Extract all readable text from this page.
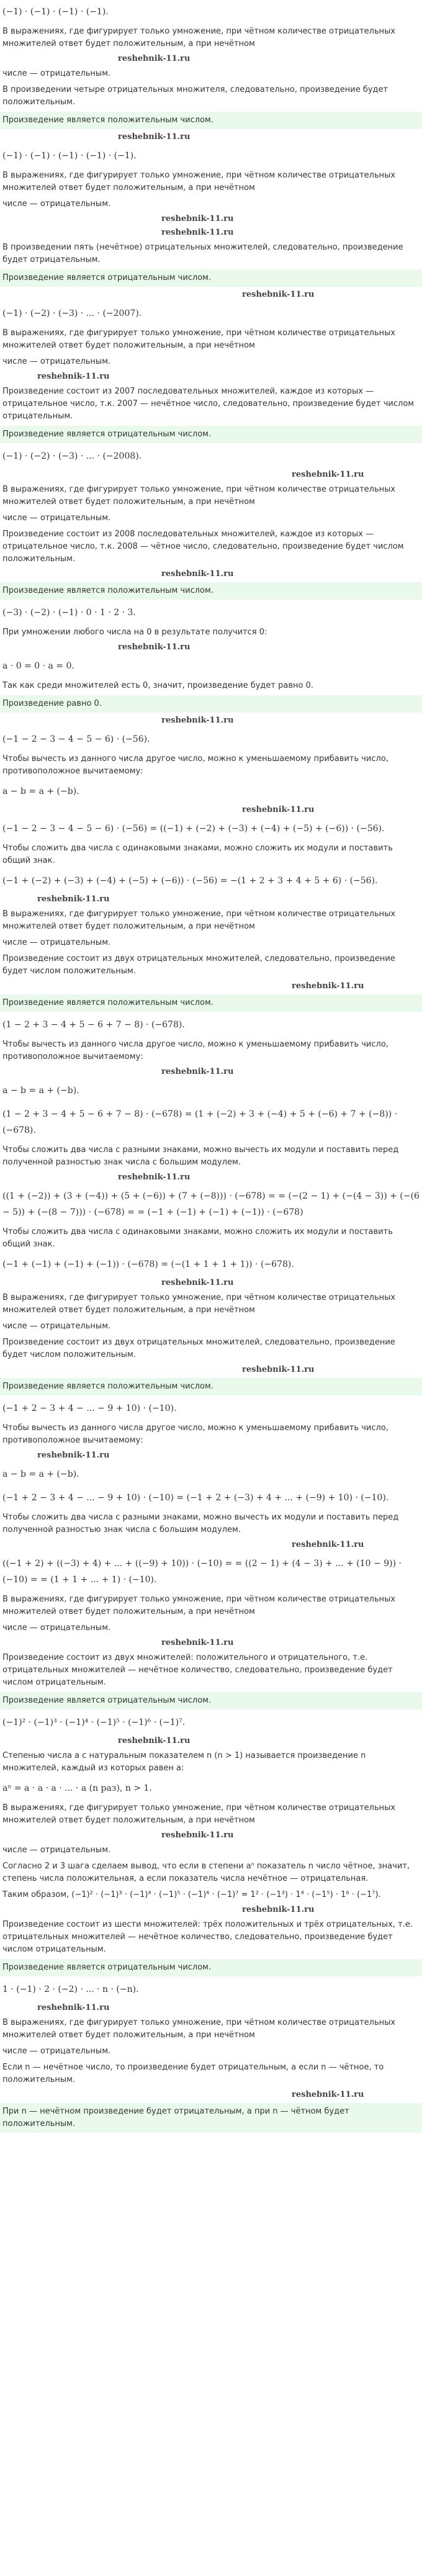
(−1) · (−1) · (−1) · (−1).
В выражениях, где фигурирует только умножение, при чётном количестве отрицательных множителей ответ будет положительным, а при нечётном
reshebnik-11.ru
числе — отрицательным.
В произведении четыре отрицательных множителя, следовательно, произведение будет положительным.
Произведение является положительным числом.
reshebnik-11.ru
(−1) · (−1) · (−1) · (−1) · (−1).
В выражениях, где фигурирует только умножение, при чётном количестве отрицательных множителей ответ будет положительным, а при нечётном
числе — отрицательным.
reshebnik-11.ru
reshebnik-11.ru
В произведении пять (нечётное) отрицательных множителей, следовательно, произведение будет отрицательным.
Произведение является отрицательным числом.
reshebnik-11.ru
(−1) · (−2) · (−3) · ... · (−2007).
В выражениях, где фигурирует только умножение, при чётном количестве отрицательных множителей ответ будет положительным, а при нечётном
числе — отрицательным.
reshebnik-11.ru
Произведение состоит из 2007 последовательных множителей, каждое из которых — отрицательное число, т.к. 2007 — нечётное число, следовательно, произведение будет числом отрицательным.
Произведение является отрицательным числом.
(−1) · (−2) · (−3) · ... · (−2008).
reshebnik-11.ru
В выражениях, где фигурирует только умножение, при чётном количестве отрицательных множителей ответ будет положительным, а при нечётном
числе — отрицательным.
Произведение состоит из 2008 последовательных множителей, каждое из которых — отрицательное число, т.к. 2008 — чётное число, следовательно, произведение будет числом положительным.
reshebnik-11.ru
Произведение является положительным числом.
(−3) · (−2) · (−1) · 0 · 1 · 2 · 3.
При умножении любого числа на 0 в результате получится 0:
reshebnik-11.ru
a · 0 = 0 · a = 0.
Так как среди множителей есть 0, значит, произведение будет равно 0.
Произведение равно 0.
reshebnik-11.ru
(−1 − 2 − 3 − 4 − 5 − 6) · (−56).
Чтобы вычесть из данного числа другое число, можно к уменьшаемому прибавить число, противоположное вычитаемому:
a − b = a + (−b).
reshebnik-11.ru
(−1 − 2 − 3 − 4 − 5 − 6) · (−56) = ((−1) + (−2) + (−3) + (−4) + (−5) + (−6)) · (−56).
Чтобы сложить два числа с одинаковыми знаками, можно сложить их модули и поставить общий знак.
(−1 + (−2) + (−3) + (−4) + (−5) + (−6)) · (−56) = −(1 + 2 + 3 + 4 + 5 + 6) · (−56).
reshebnik-11.ru
В выражениях, где фигурирует только умножение, при чётном количестве отрицательных множителей ответ будет положительным, а при нечётном
числе — отрицательным.
Произведение состоит из двух отрицательных множителей, следовательно, произведение будет числом положительным.
reshebnik-11.ru
Произведение является положительным числом.
(1 − 2 + 3 − 4 + 5 − 6 + 7 − 8) · (−678).
Чтобы вычесть из данного числа другое число, можно к уменьшаемому прибавить число, противоположное вычитаемому:
reshebnik-11.ru
a − b = a + (−b).
(1 − 2 + 3 − 4 + 5 − 6 + 7 − 8) · (−678) = (1 + (−2) + 3 + (−4) + 5 + (−6) + 7 + (−8)) · (−678).
Чтобы сложить два числа с разными знаками, можно вычесть их модули и поставить перед полученной разностью знак числа с большим модулем.
reshebnik-11.ru
((1 + (−2)) + (3 + (−4)) + (5 + (−6)) + (7 + (−8))) · (−678) = = (−(2 − 1) + (−(4 − 3)) + (−(6 − 5)) + (−(8 − 7))) · (−678) = = (−1 + (−1) + (−1) + (−1)) · (−678)
Чтобы сложить два числа с одинаковыми знаками, можно сложить их модули и поставить общий знак.
(−1 + (−1) + (−1) + (−1)) · (−678) = (−(1 + 1 + 1 + 1)) · (−678).
reshebnik-11.ru
В выражениях, где фигурирует только умножение, при чётном количестве отрицательных множителей ответ будет положительным, а при нечётном
числе — отрицательным.
Произведение состоит из двух отрицательных множителей, следовательно, произведение будет числом положительным.
reshebnik-11.ru
Произведение является положительным числом.
(−1 + 2 − 3 + 4 − ... − 9 + 10) · (−10).
Чтобы вычесть из данного числа другое число, можно к уменьшаемому прибавить число, противоположное вычитаемому:
reshebnik-11.ru
a − b = a + (−b).
(−1 + 2 − 3 + 4 − ... − 9 + 10) · (−10) = (−1 + 2 + (−3) + 4 + ... + (−9) + 10) · (−10).
Чтобы сложить два числа с разными знаками, можно вычесть их модули и поставить перед полученной разностью знак числа с большим модулем.
reshebnik-11.ru
((−1 + 2) + ((−3) + 4) + ... + ((−9) + 10)) · (−10) = = ((2 − 1) + (4 − 3) + ... + (10 − 9)) · (−10) = = (1 + 1 + ... + 1) · (−10).
В выражениях, где фигурирует только умножение, при чётном количестве отрицательных множителей ответ будет положительным, а при нечётном
числе — отрицательным.
reshebnik-11.ru
Произведение состоит из двух множителей: положительного и отрицательного, т.е. отрицательных множителей — нечётное количество, следовательно, произведение будет числом отрицательным.
Произведение является отрицательным числом.
(−1)² · (−1)³ · (−1)⁴ · (−1)⁵ · (−1)⁶ · (−1)⁷.
reshebnik-11.ru
Степенью числа a с натуральным показателем n (n > 1) называется произведение n множителей, каждый из которых равен a:
aⁿ = a · a · a · ... · a (n раз), n > 1.
В выражениях, где фигурирует только умножение, при чётном количестве отрицательных множителей ответ будет положительным, а при нечётном
reshebnik-11.ru
числе — отрицательным.
Согласно 2 и 3 шага сделаем вывод, что если в степени aⁿ показатель n число чётное, значит, степень числа положительная, а если показатель числа нечётное — отрицательная.
Таким образом, (−1)² · (−1)³ · (−1)⁴ · (−1)⁵ · (−1)⁶ · (−1)⁷ = 1² · (−1³) · 1⁴ · (−1⁵) · 1⁶ · (−1⁷).
reshebnik-11.ru
Произведение состоит из шести множителей: трёх положительных и трёх отрицательных, т.е. отрицательных множителей — нечётное количество, следовательно, произведение будет числом отрицательным.
Произведение является отрицательным числом.
1 · (−1) · 2 · (−2) · ... · n · (−n).
reshebnik-11.ru
В выражениях, где фигурирует только умножение, при чётном количестве отрицательных множителей ответ будет положительным, а при нечётном
числе — отрицательным.
Если n — нечётное число, то произведение будет отрицательным, а если n — чётное, то положительным.
reshebnik-11.ru
При n — нечётном произведение будет отрицательным, а при n — чётном будет положительным.
